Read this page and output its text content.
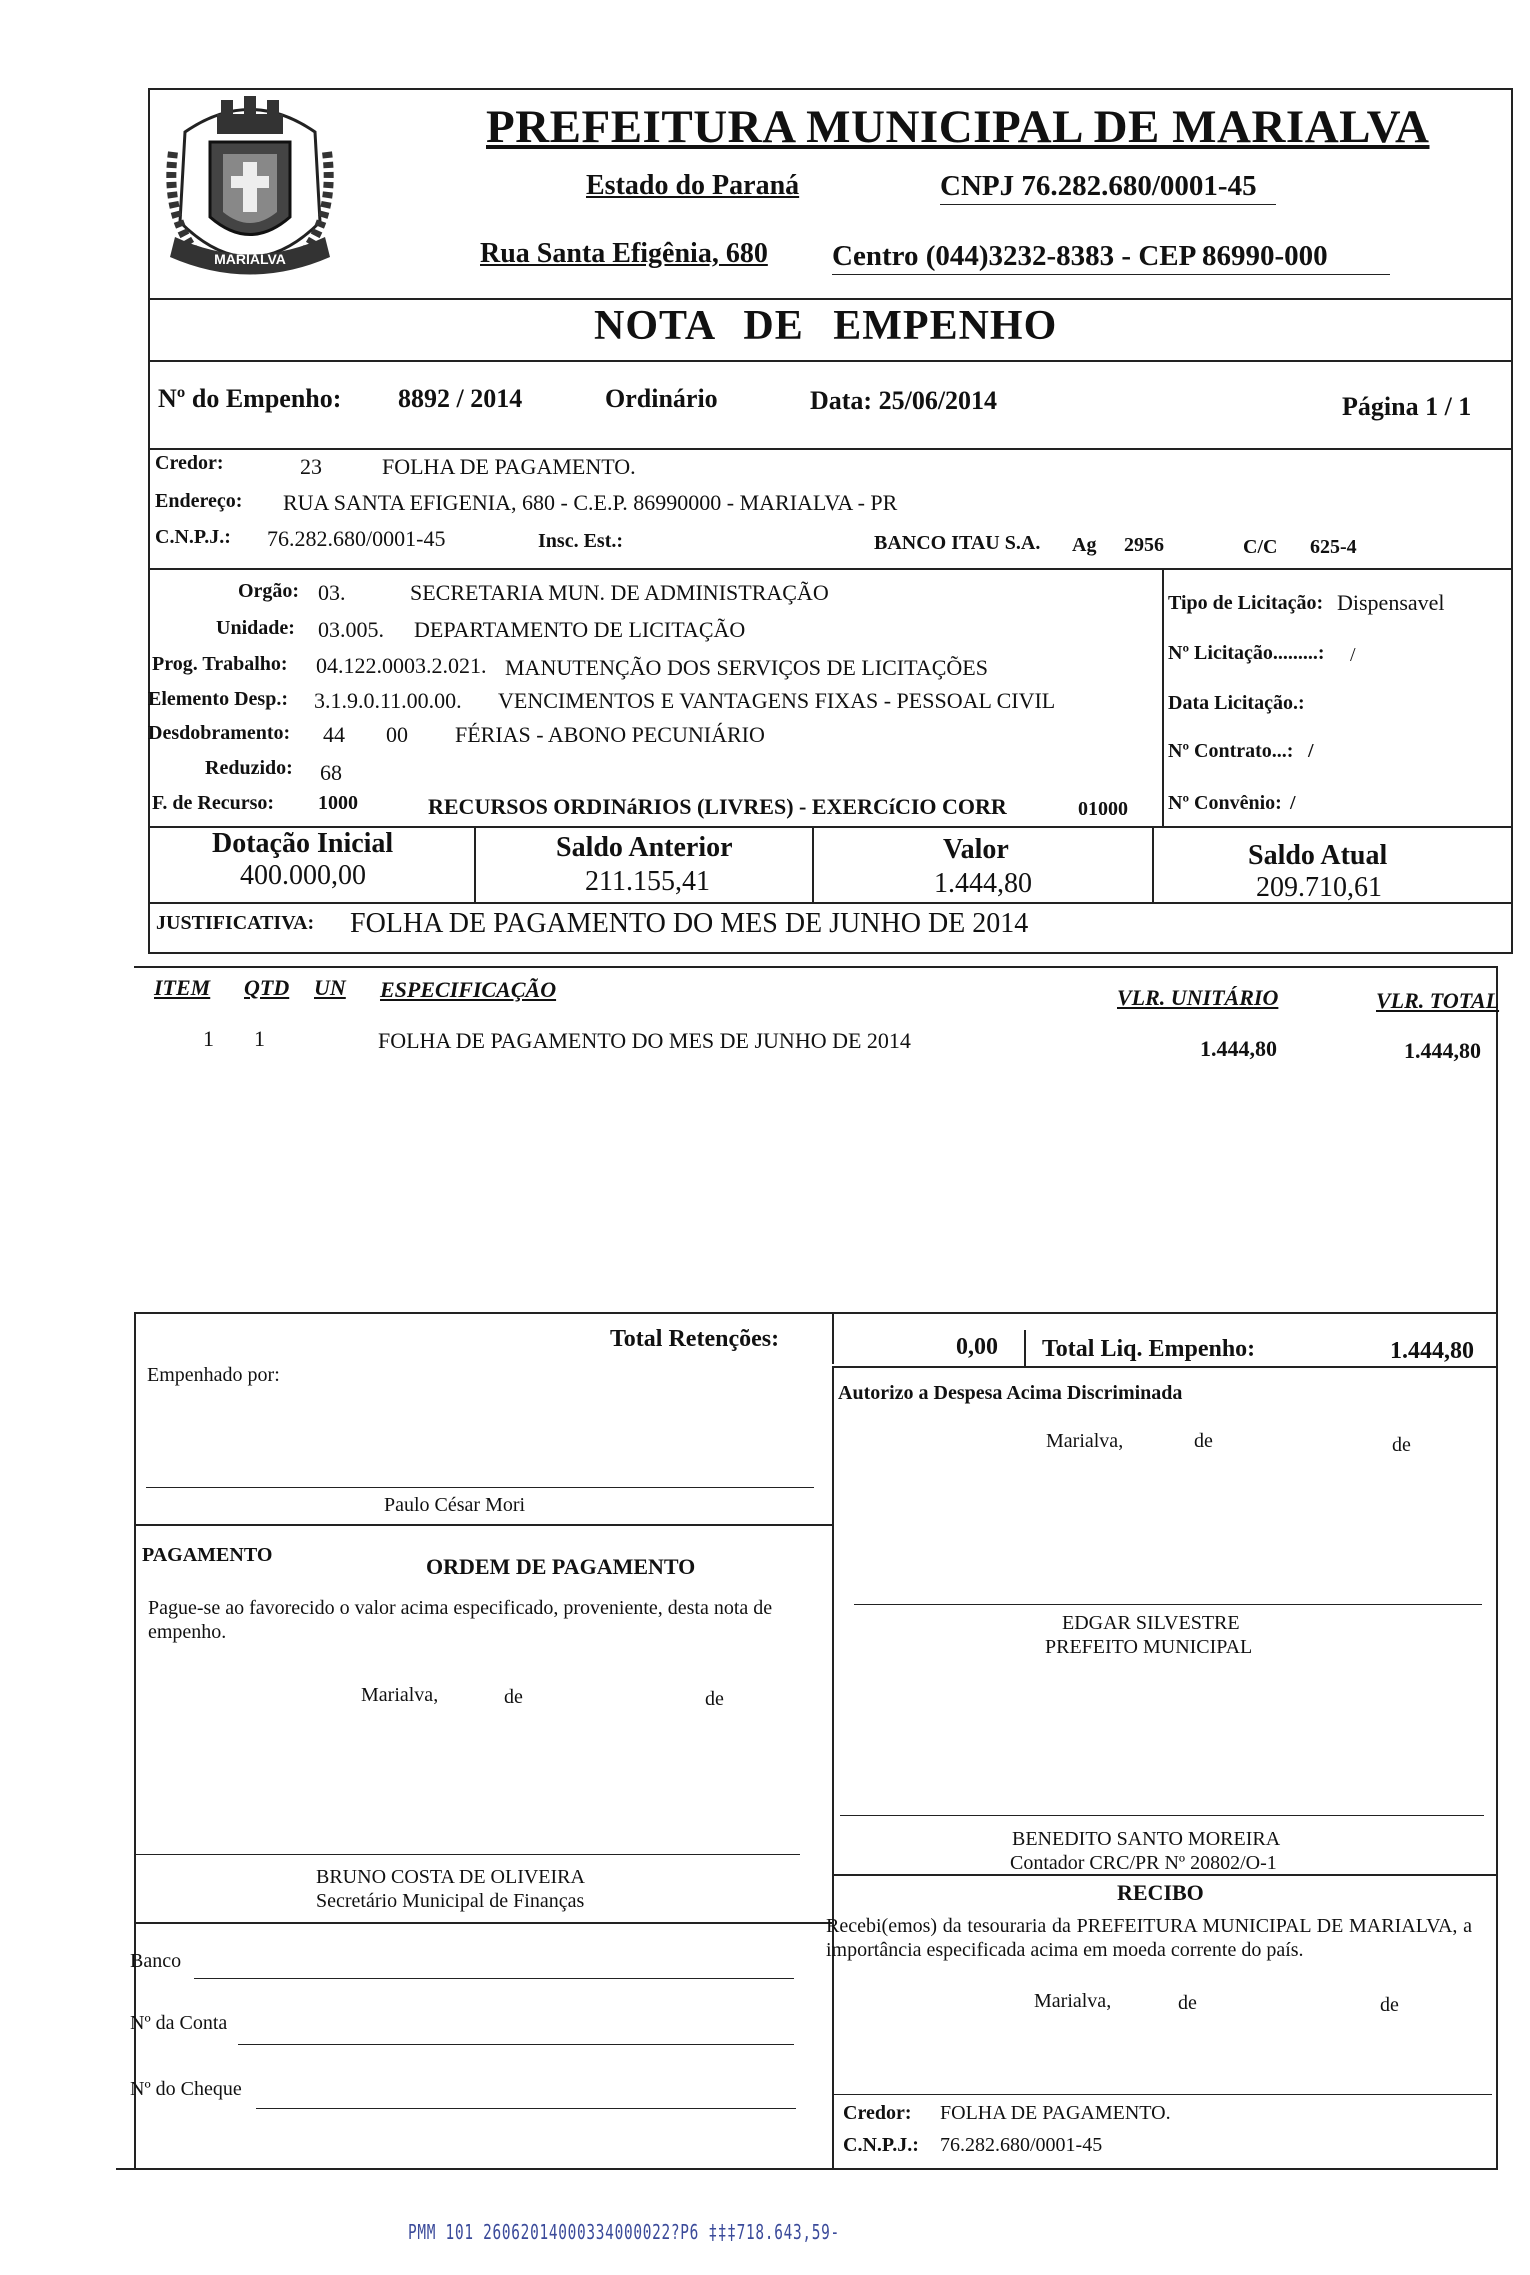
MARIALVA
PREFEITURA MUNICIPAL DE MARIALVA
Estado do Paraná	CNPJ 76.282.680/0001-45
Rua Santa Efigênia, 680 Centro (044)3232-8383 - CEP 86990-000
NOTA DE EMPENHO
Nº do Empenho: 8892 / 2014	Ordinário	Data: 25/06/2014	Página 1 / 1
Credor:	23	FOLHA DE PAGAMENTO.
Endereço: RUA SANTA EFIGENIA, 680 - C.E.P. 86990000 - MARIALVA - PR
C.N.P.J.: 76.282.680/0001-45	Insc. Est.:	BANCO ITAU S.A. Ag 2956	C/C 625-4
Orgão: 03.	SECRETARIA MUN. DE ADMINISTRAÇÃO
Unidade: 03.005. DEPARTAMENTO DE LICITAÇÃO
Prog. Trabalho: 04.122.0003.2.021. MANUTENÇÃO DOS SERVIÇOS DE LICITAÇÕES
Elemento Desp.: 3.1.9.0.11.00.00. VENCIMENTOS E VANTAGENS FIXAS - PESSOAL CIVIL
Desdobramento: 44 00 FÉRIAS - ABONO PECUNIÁRIO
Reduzido: 68
F. de Recurso: 1000	RECURSOS ORDINáRIOS (LIVRES) - EXERCíCIO CORR	01000
Tipo de Licitação: Dispensavel
Nº Licitação.........: /
Data Licitação.:
Nº Contrato...: /
Nº Convênio: /
Dotação Inicial
400.000,00
Saldo Anterior
211.155,41
Valor
1.444,80
Saldo Atual
209.710,61
JUSTIFICATIVA: FOLHA DE PAGAMENTO DO MES DE JUNHO DE 2014
ITEM QTD UN ESPECIFICAÇÃO	VLR. UNITÁRIO	VLR. TOTAL
1 1	FOLHA DE PAGAMENTO DO MES DE JUNHO DE 2014	1.444,80	1.444,80
Total Retenções:	0,00 Total Liq. Empenho:	1.444,80
Empenhado por:
Paulo César Mori
Autorizo a Despesa Acima Discriminada
Marialva,	de	de
PAGAMENTO	ORDEM DE PAGAMENTO
Pague-se ao favorecido o valor acima especificado, proveniente, desta nota de empenho.
Marialva,	de	de
EDGAR SILVESTRE
PREFEITO MUNICIPAL
BENEDITO SANTO MOREIRA
Contador CRC/PR Nº 20802/O-1
BRUNO COSTA DE OLIVEIRA
Secretário Municipal de Finanças	RECIBO
Recebi(emos) da tesouraria da PREFEITURA MUNICIPAL DE MARIALVA, a importância especificada acima em moeda corrente do país.
Marialva,	de	de
Banco
Nº da Conta
Nº do Cheque
Credor: FOLHA DE PAGAMENTO.
C.N.P.J.: 76.282.680/0001-45
PMM 101 26062014000334000022?P6 ‡‡‡718.643,59-
